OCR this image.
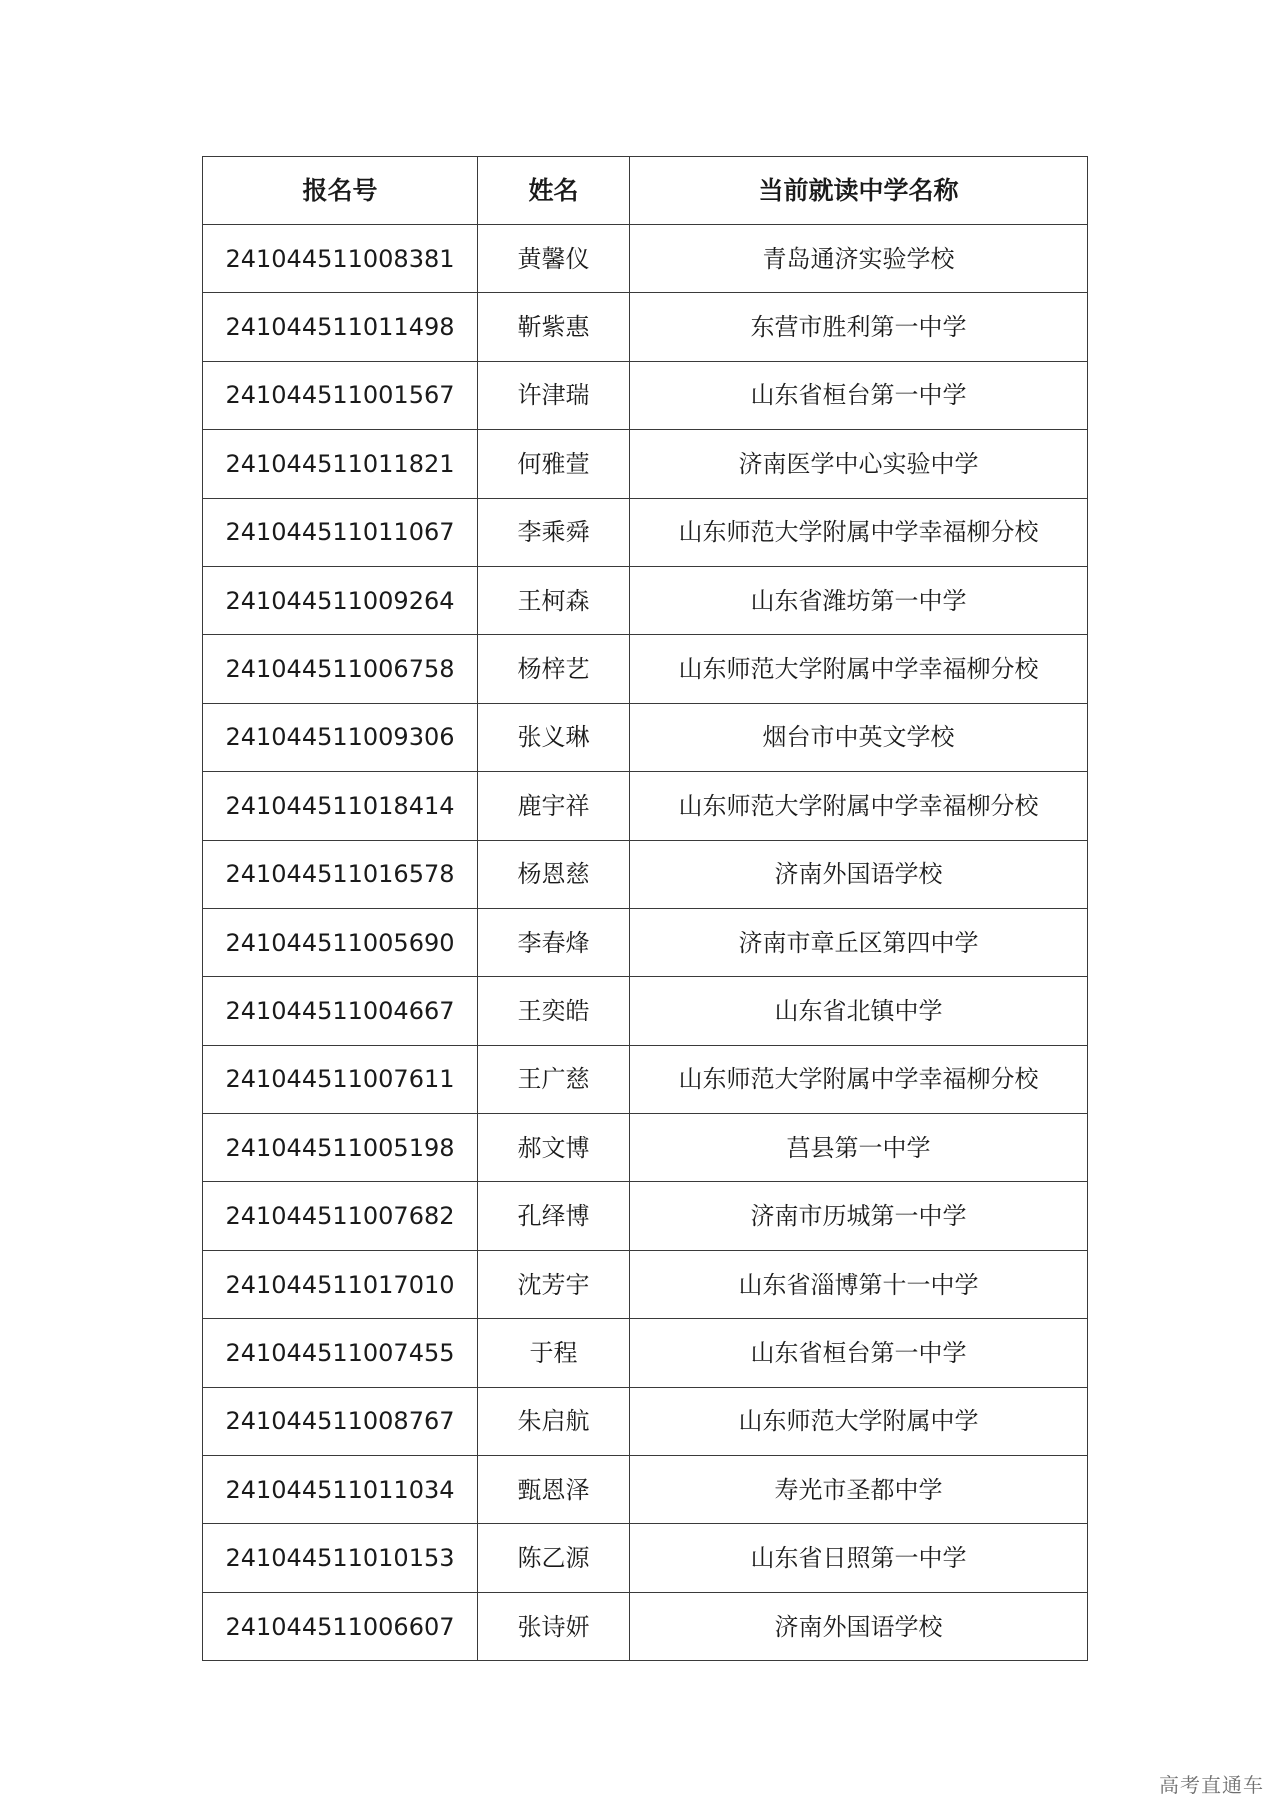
报名号	姓名	当前就读中学名称
241044511008381	黄馨仪	青岛通济实验学校
241044511011498	靳紫惠	东营市胜利第一中学
241044511001567	许津瑞	山东省桓台第一中学
241044511011821	何雅萱	济南医学中心实验中学
241044511011067	李乘舜	山东师范大学附属中学幸福柳分校
241044511009264	王柯森	山东省潍坊第一中学
241044511006758	杨梓艺	山东师范大学附属中学幸福柳分校
241044511009306	张义琳	烟台市中英文学校
241044511018414	鹿宇祥	山东师范大学附属中学幸福柳分校
241044511016578	杨恩慈	济南外国语学校
241044511005690	李春烽	济南市章丘区第四中学
241044511004667	王奕皓	山东省北镇中学
241044511007611	王广慈	山东师范大学附属中学幸福柳分校
241044511005198	郝文博	莒县第一中学
241044511007682	孔绎博	济南市历城第一中学
241044511017010	沈芳宇	山东省淄博第十一中学
241044511007455	于程	山东省桓台第一中学
241044511008767	朱启航	山东师范大学附属中学
241044511011034	甄恩泽	寿光市圣都中学
241044511010153	陈乙源	山东省日照第一中学
241044511006607	张诗妍	济南外国语学校
高考直通车
